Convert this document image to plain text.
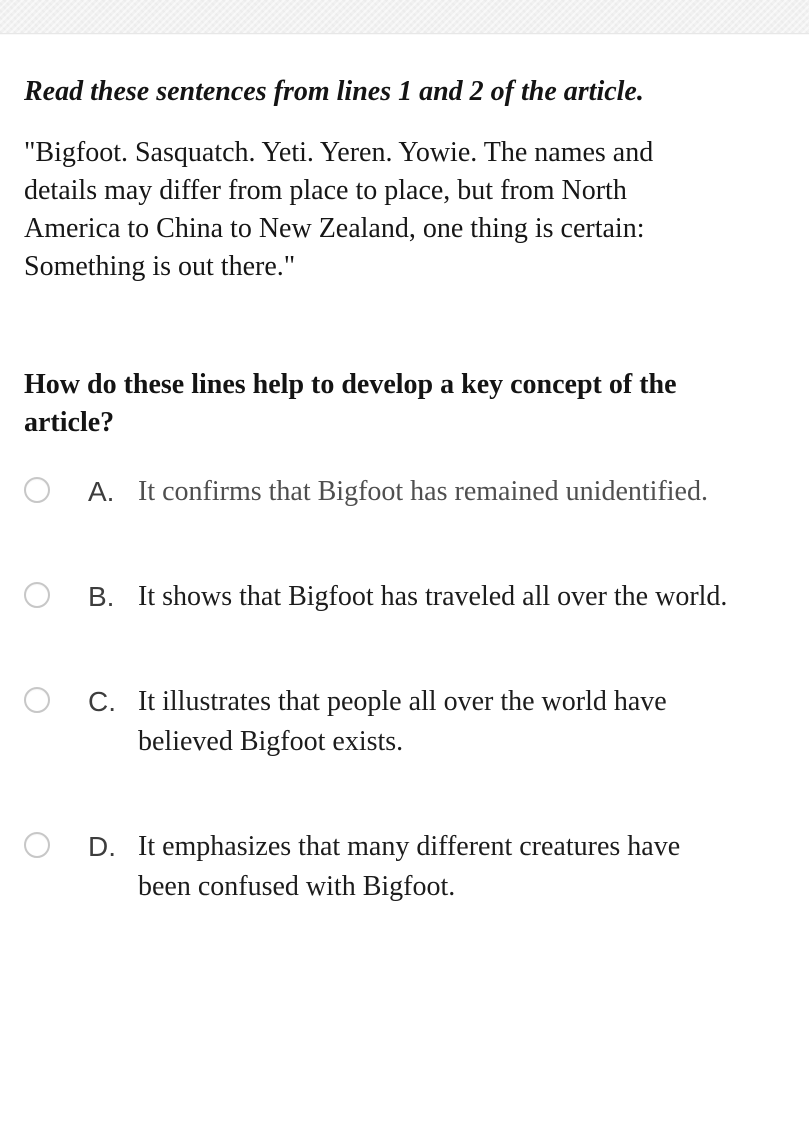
Read these sentences from lines 1 and 2 of the article.
"Bigfoot. Sasquatch. Yeti. Yeren. Yowie. The names and details may differ from place to place, but from North America to China to New Zealand, one thing is certain: Something is out there."
How do these lines help to develop a key concept of the article?
A. It confirms that Bigfoot has remained unidentified.
B. It shows that Bigfoot has traveled all over the world.
C. It illustrates that people all over the world have believed Bigfoot exists.
D. It emphasizes that many different creatures have been confused with Bigfoot.
